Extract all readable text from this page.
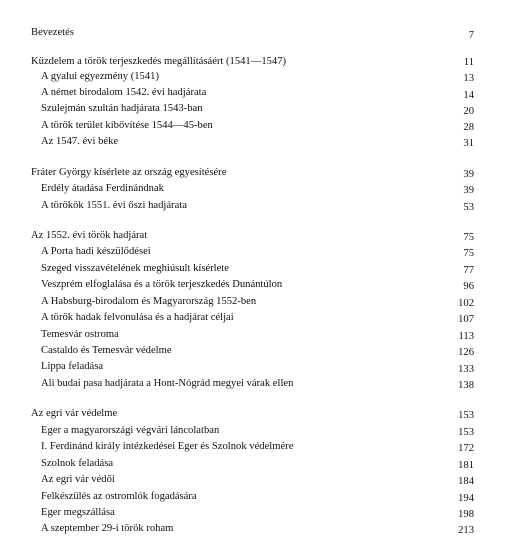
Bevezetés	7
Küzdelem a török terjeszkedés megállításáért (1541—1547)	11
A gyalui egyezmény (1541)	13
A német birodalom 1542. évi hadjárata	14
Szulejmán szultán hadjárata 1543-ban	20
A török terület kibővítése 1544—45-ben	28
Az 1547. évi béke	31
Fráter György kísérlete az ország egyesítésére	39
Erdély átadása Ferdinándnak	39
A törökök 1551. évi őszi hadjárata	53
Az 1552. évi török hadjárat	75
A Porta hadi készülődései	75
Szeged visszavételének meghiúsult kísérlete	77
Veszprém elfoglalása és a török terjeszkedés Dunántúlon	96
A Habsburg-birodalom és Magyarország 1552-ben	102
A török hadak felvonulása és a hadjárat céljai	107
Temesvár ostroma	113
Castaldo és Temesvár védelme	126
Lippa feladása	133
Ali budai pasa hadjárata a Hont-Nógrád megyei várak ellen	138
Az egri vár védelme	153
Eger a magyarországi végvári láncolatban	153
I. Ferdinánd király intézkedései Eger és Szolnok védelmére	172
Szolnok feladása	181
Az egri vár védői	184
Felkészülés az ostromlók fogadására	194
Eger megszállása	198
A szeptember 29-i török roham	213
